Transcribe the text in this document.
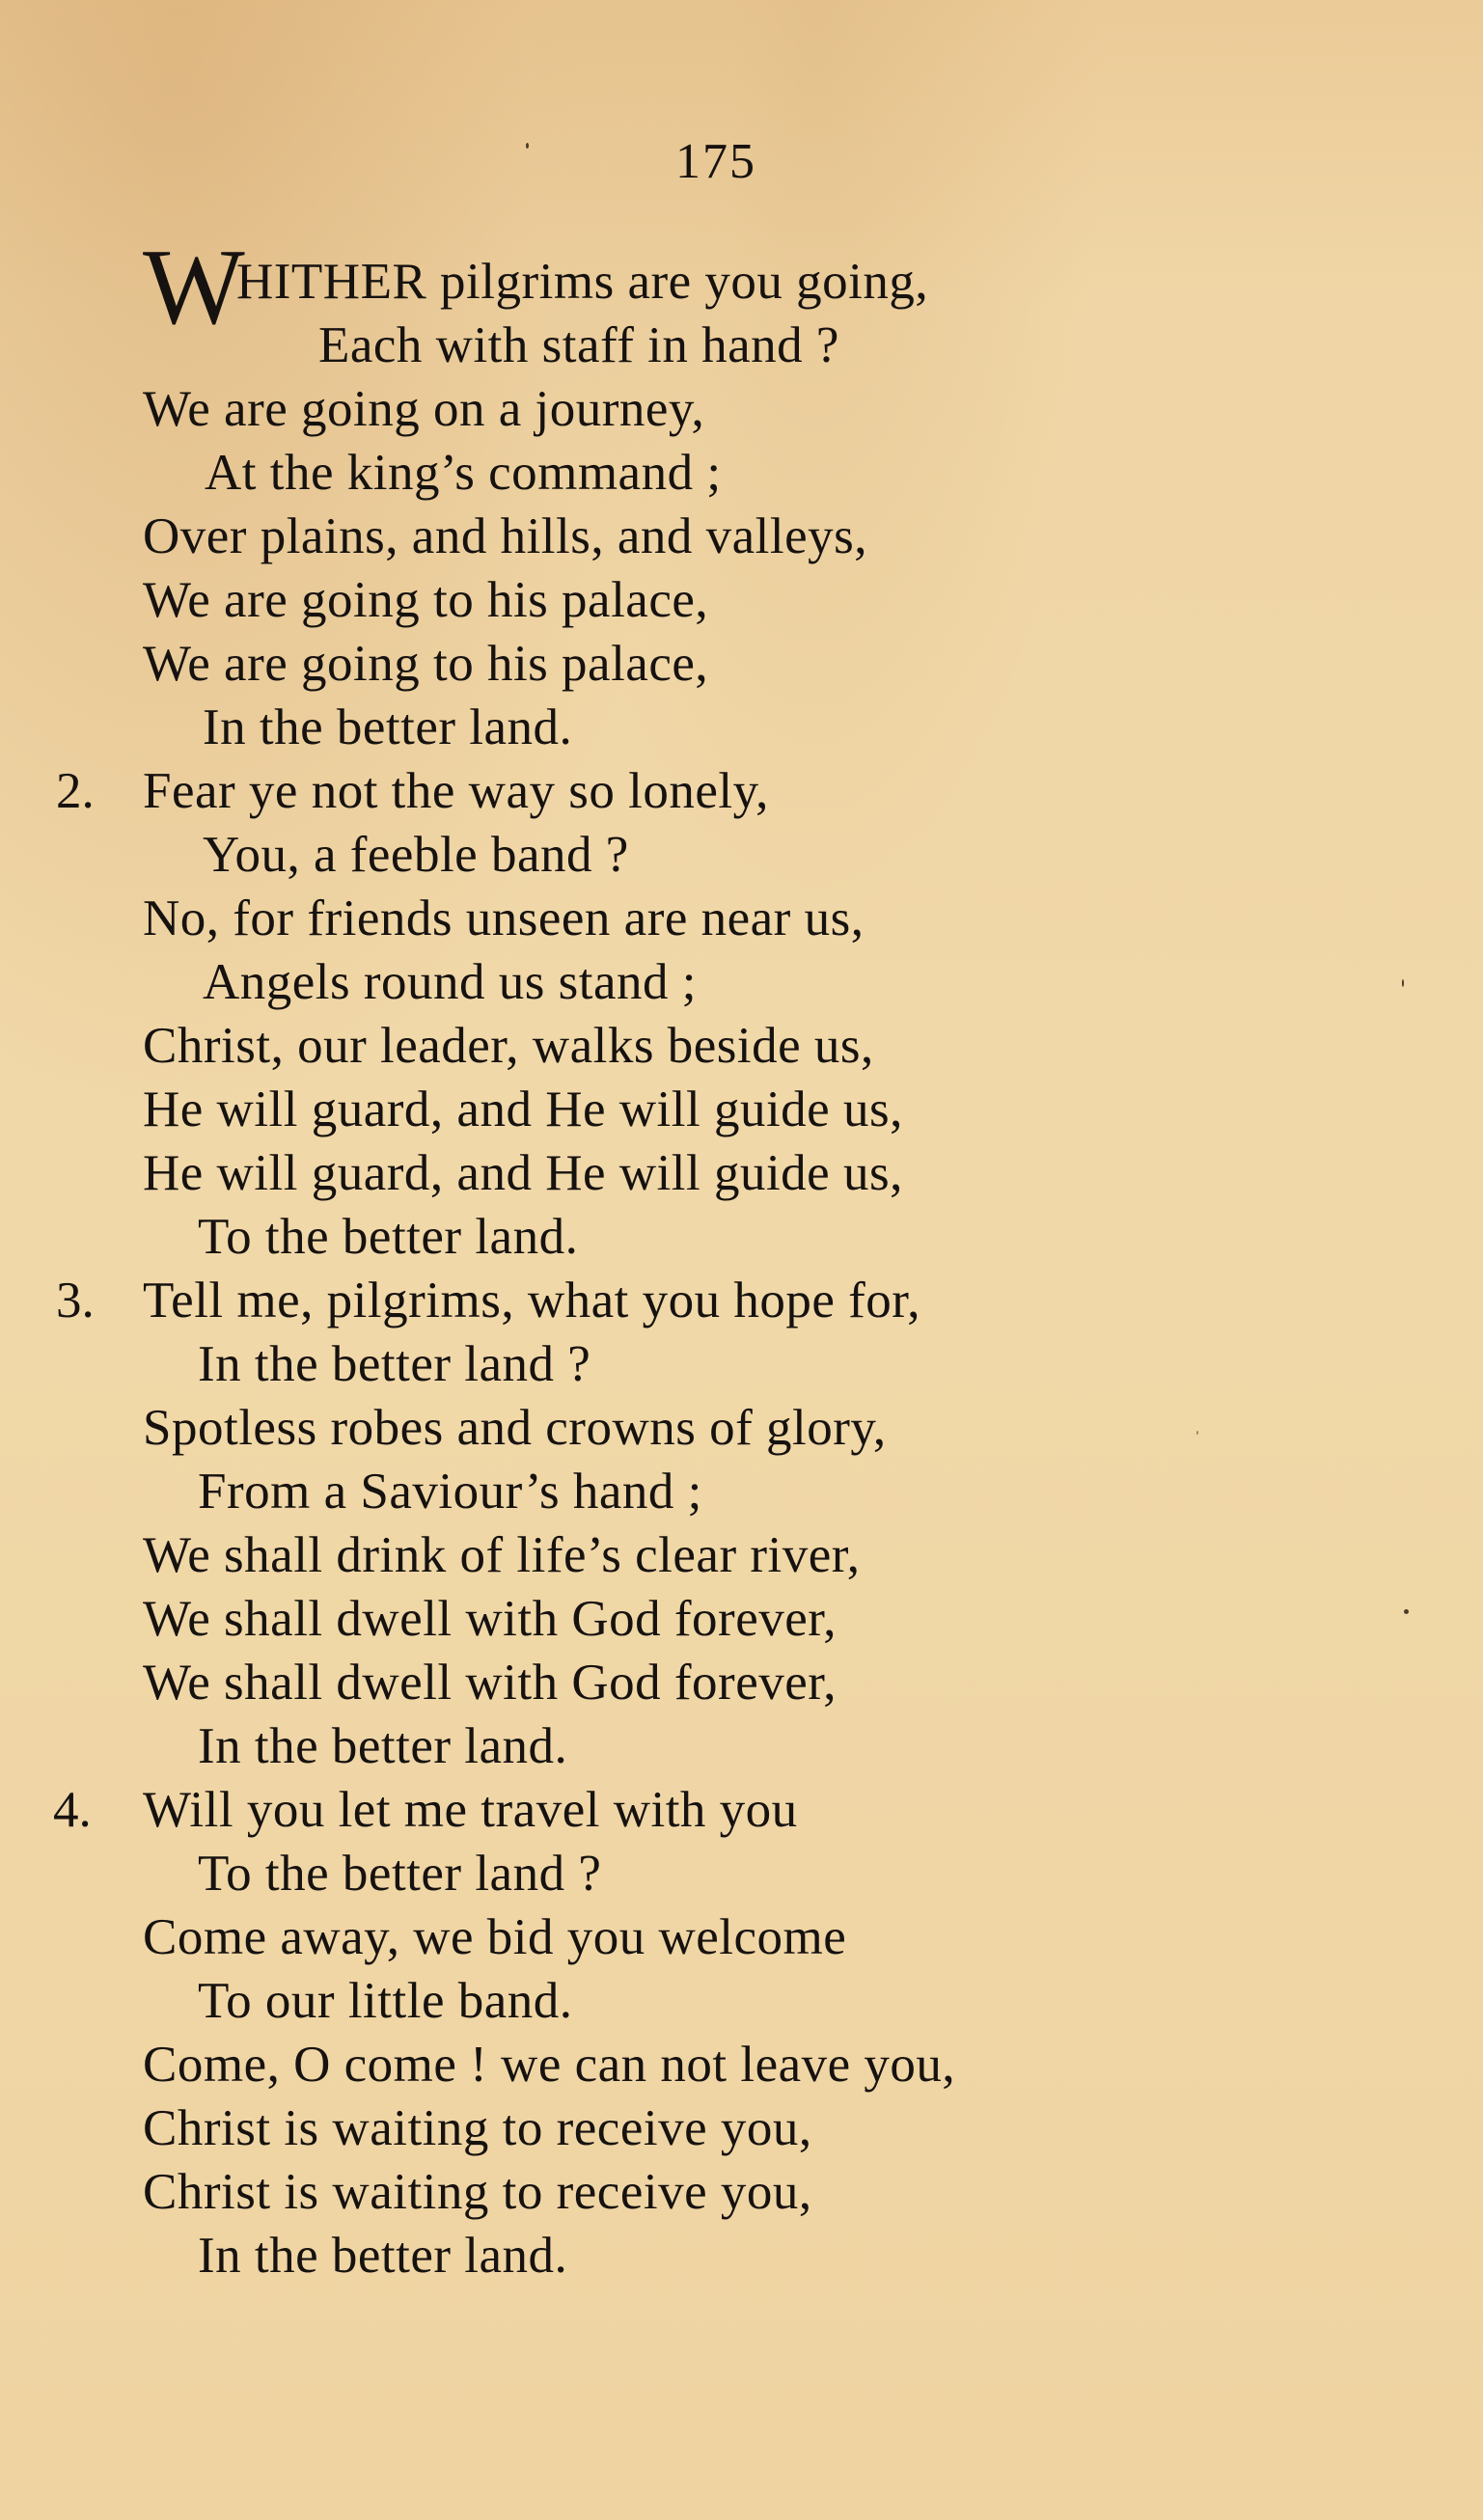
175
W
HITHER pilgrims are you going,
Each with staff in hand ?
We are going on a journey,
At the king’s command ;
Over plains, and hills, and valleys,
We are going to his palace,
We are going to his palace,
In the better land.
2. Fear ye not the way so lonely,
You, a feeble band ?
No, for friends unseen are near us,
Angels round us stand ;
Christ, our leader, walks beside us,
He will guard, and He will guide us,
He will guard, and He will guide us,
To the better land.
3. Tell me, pilgrims, what you hope for,
In the better land ?
Spotless robes and crowns of glory,
From a Saviour’s hand ;
We shall drink of life’s clear river,
We shall dwell with God forever,
We shall dwell with God forever,
In the better land.
4. Will you let me travel with you
To the better land ?
Come away, we bid you welcome
To our little band.
Come, O come ! we can not leave you,
Christ is waiting to receive you,
Christ is waiting to receive you,
In the better land.
